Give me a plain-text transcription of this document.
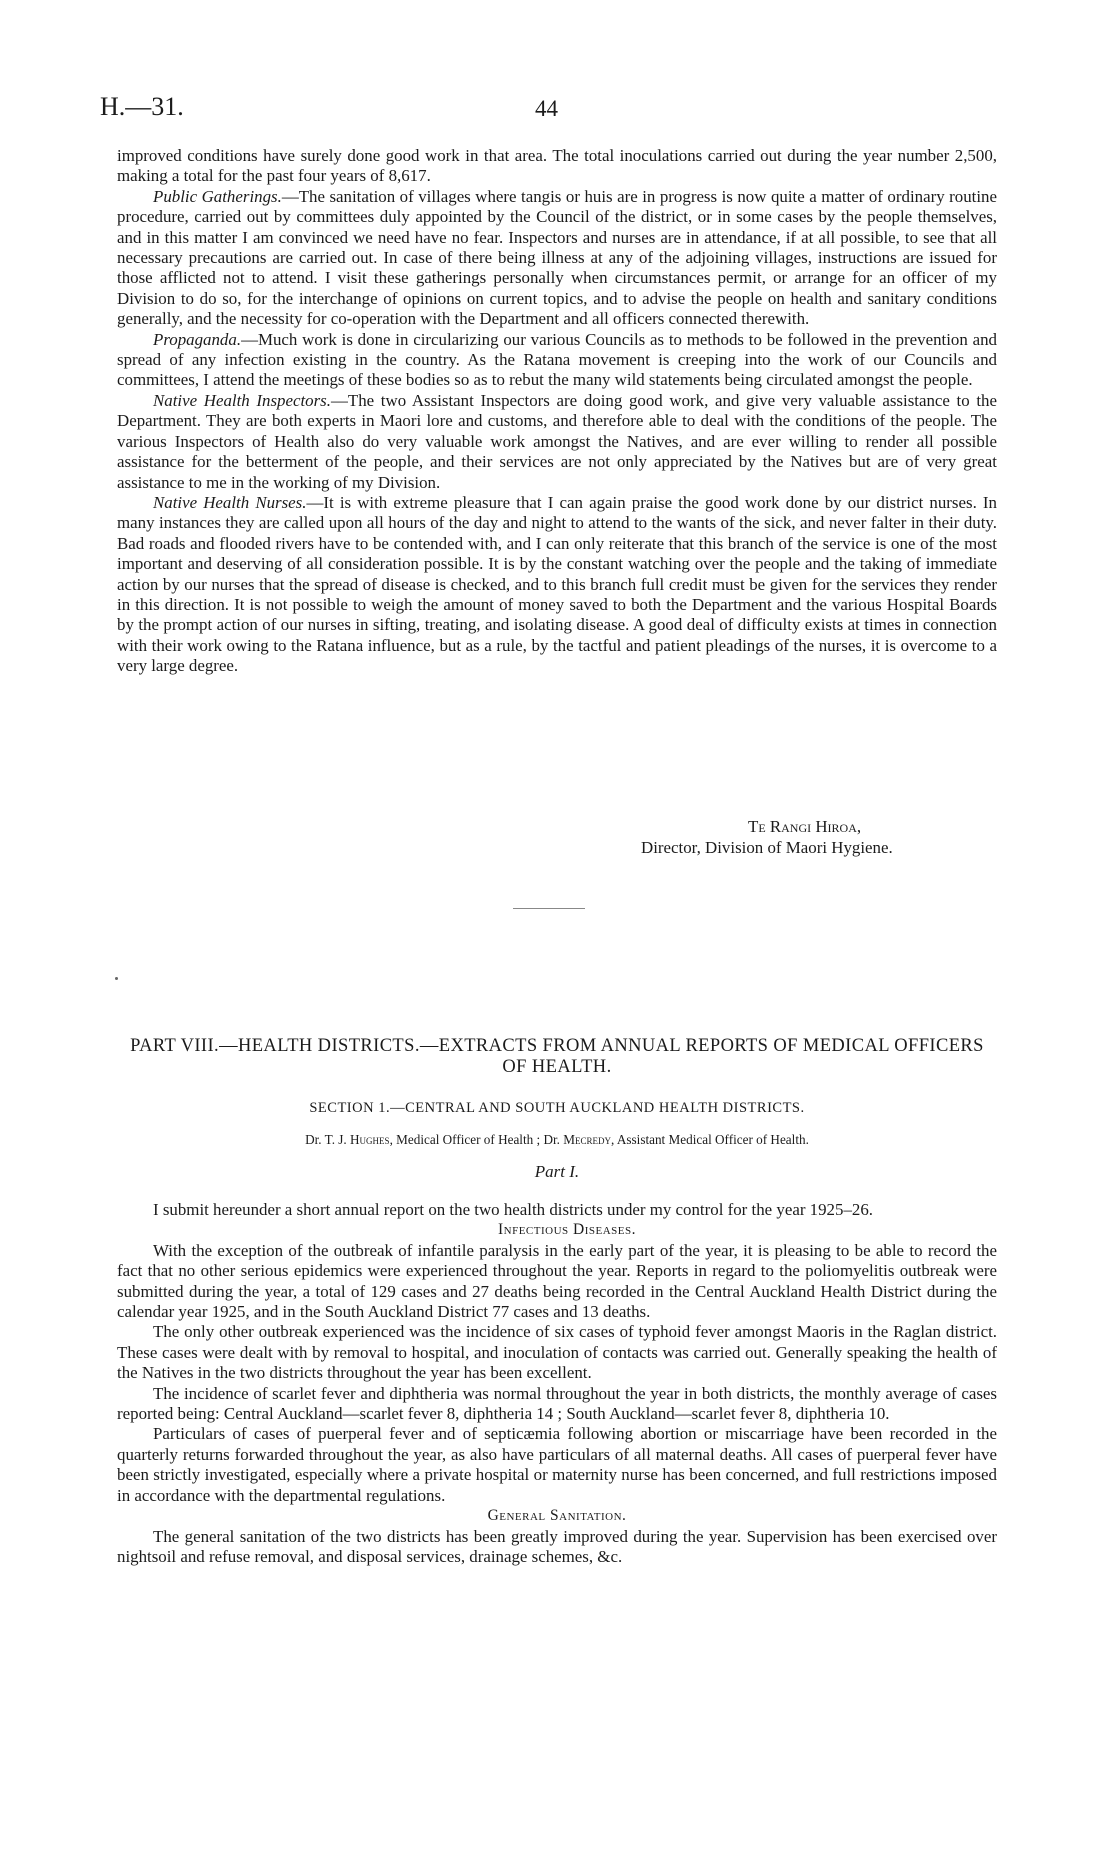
H.—31.	44

improved conditions have surely done good work in that area. The total inoculations carried out during the year number 2,500, making a total for the past four years of 8,617.

Public Gatherings.—The sanitation of villages where tangis or huis are in progress is now quite a matter of ordinary routine procedure, carried out by committees duly appointed by the Council of the district, or in some cases by the people themselves, and in this matter I am convinced we need have no fear. Inspectors and nurses are in attendance, if at all possible, to see that all necessary precautions are carried out. In case of there being illness at any of the adjoining villages, instructions are issued for those afflicted not to attend. I visit these gatherings personally when circumstances permit, or arrange for an officer of my Division to do so, for the interchange of opinions on current topics, and to advise the people on health and sanitary conditions generally, and the necessity for co-operation with the Department and all officers connected therewith.

Propaganda.—Much work is done in circularizing our various Councils as to methods to be followed in the prevention and spread of any infection existing in the country. As the Ratana movement is creeping into the work of our Councils and committees, I attend the meetings of these bodies so as to rebut the many wild statements being circulated amongst the people.

Native Health Inspectors.—The two Assistant Inspectors are doing good work, and give very valuable assistance to the Department. They are both experts in Maori lore and customs, and therefore able to deal with the conditions of the people. The various Inspectors of Health also do very valuable work amongst the Natives, and are ever willing to render all possible assistance for the betterment of the people, and their services are not only appreciated by the Natives but are of very great assistance to me in the working of my Division.

Native Health Nurses.—It is with extreme pleasure that I can again praise the good work done by our district nurses. In many instances they are called upon all hours of the day and night to attend to the wants of the sick, and never falter in their duty. Bad roads and flooded rivers have to be contended with, and I can only reiterate that this branch of the service is one of the most important and deserving of all consideration possible. It is by the constant watching over the people and the taking of immediate action by our nurses that the spread of disease is checked, and to this branch full credit must be given for the services they render in this direction. It is not possible to weigh the amount of money saved to both the Department and the various Hospital Boards by the prompt action of our nurses in sifting, treating, and isolating disease. A good deal of difficulty exists at times in connection with their work owing to the Ratana influence, but as a rule, by the tactful and patient pleadings of the nurses, it is overcome to a very large degree.

Te Rangi Hiroa,
Director, Division of Maori Hygiene.
PART VIII.—HEALTH DISTRICTS.—EXTRACTS FROM ANNUAL REPORTS OF MEDICAL OFFICERS OF HEALTH.
SECTION 1.—CENTRAL AND SOUTH AUCKLAND HEALTH DISTRICTS.
Dr. T. J. Hughes, Medical Officer of Health ; Dr. Mecredy, Assistant Medical Officer of Health.
Part I.

I submit hereunder a short annual report on the two health districts under my control for the year 1925–26.

Infectious Diseases.

With the exception of the outbreak of infantile paralysis in the early part of the year, it is pleasing to be able to record the fact that no other serious epidemics were experienced throughout the year. Reports in regard to the poliomyelitis outbreak were submitted during the year, a total of 129 cases and 27 deaths being recorded in the Central Auckland Health District during the calendar year 1925, and in the South Auckland District 77 cases and 13 deaths.

The only other outbreak experienced was the incidence of six cases of typhoid fever amongst Maoris in the Raglan district. These cases were dealt with by removal to hospital, and inoculation of contacts was carried out. Generally speaking the health of the Natives in the two districts throughout the year has been excellent.

The incidence of scarlet fever and diphtheria was normal throughout the year in both districts, the monthly average of cases reported being: Central Auckland—scarlet fever 8, diphtheria 14 ; South Auckland—scarlet fever 8, diphtheria 10.

Particulars of cases of puerperal fever and of septicæmia following abortion or miscarriage have been recorded in the quarterly returns forwarded throughout the year, as also have particulars of all maternal deaths. All cases of puerperal fever have been strictly investigated, especially where a private hospital or maternity nurse has been concerned, and full restrictions imposed in accordance with the departmental regulations.

General Sanitation.

The general sanitation of the two districts has been greatly improved during the year. Supervision has been exercised over nightsoil and refuse removal, and disposal services, drainage schemes, &c.
